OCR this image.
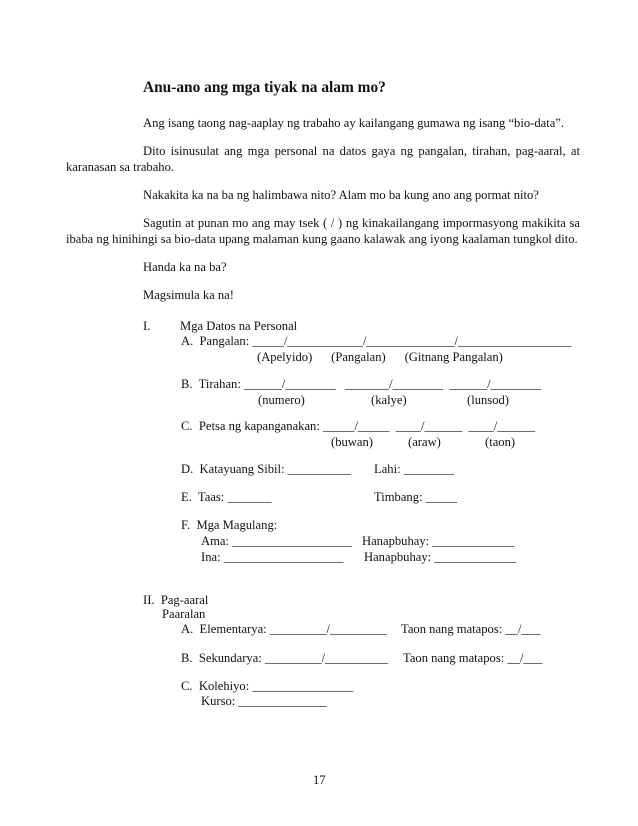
Anu-ano ang mga tiyak na alam mo?
Ang isang taong nag-aaplay ng trabaho ay kailangang gumawa ng isang “bio-data”.
Dito isinusulat ang mga personal na datos gaya ng pangalan, tirahan, pag-aaral, at
karanasan sa trabaho.
Nakakita ka na ba ng halimbawa nito? Alam mo ba kung ano ang pormat nito?
Sagutin at punan mo ang may tsek ( / ) ng kinakailangang impormasyong makikita sa
ibaba ng hinihingi sa bio-data upang malaman kung gaano kalawak ang iyong kaalaman tungkol dito.
Handa ka na ba?
Magsimula ka na!
I. Mga Datos na Personal
A.  Pangalan: _____/____________/______________/__________________
(Apelyido)      (Pangalan)      (Gitnang Pangalan)
B.  Tirahan: ______/________   _______/________  ______/________
(numero)	(kalye)	(lunsod)
C.  Petsa ng kapanganakan: _____/_____  ____/______  ____/______
(buwan)	(araw)	(taon)
D.  Katayuang Sibil: __________ Lahi: ________
E.  Taas: _______	Timbang: _____
F.  Mga Magulang:
Ama: ___________________ Hanapbuhay: _____________
Ina: ___________________ Hanapbuhay: _____________
II.  Pag-aaral
Paaralan
A.  Elementarya: _________/_________ Taon nang matapos: __/___
B.  Sekundarya: _________/__________ Taon nang matapos: __/___
C.  Kolehiyo: ________________
Kurso: ______________
17
